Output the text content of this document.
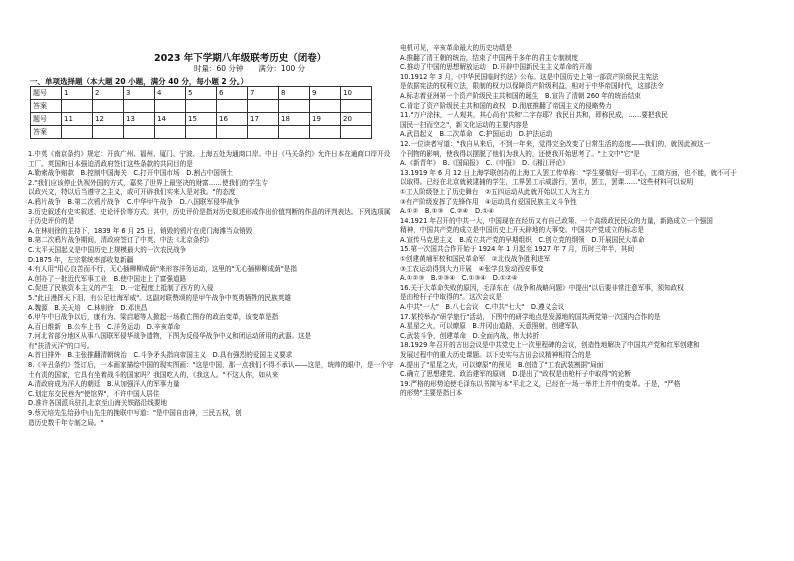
2023 年下学期八年级联考历史（闭卷）
时量：60 分钟　　满分：100 分
一、单项选择题（本大题 20 小题，满分 40 分，每小题 2 分。）
题号	1	2	3	4	5	6	7	8	9	10
答案										
题号	11	12	13	14	15	16	17	18	19	20
答案										
1.中英《南京条约》规定：开放广州、福州、厦门、宁波、上海五处为通商口岸。中日《马关条约》允许日本在通商口岸开设工厂。英国和日本强迫清政府签订这些条款的共同目的是
A.勒索战争赔款　B.控制中国海关　C.打开中国市场　D.割占中国领土
2."我们应该停止仇视外国的方式，嘉奖了世界上最坚决的财富……使我们的学生专
以政兴文，特以后当遵守之主义，或可开辟我们实来人是对我。"的态度
A.鸦片战争　B.第二次鸦片战争　C.中华甲午战争　D.八国联军侵华战争
3.历史叙述有史实叙述、史论评价等方式。其中，历史评价是指对历史叙述形成作出价值判断的作品的评判表达。下列选项属于历史评价的是
A.在林则徐的主持下，1839 年 6 月 25 日，销毁的鸦片在虎门海滩当众销毁
B.第二次鸦片战争期间，清政府签订了中英、中法《北京条约》
C.太平天国起义是中国历史上规模最大的一次农民战争
D.1875 年，左宗棠统率部收复新疆
4.有人用"用心良苦而不行，无心插柳柳成荫"来形容洋务运动，这里的"无心插柳柳成荫"是指
A.创办了一批近代军事工业　B.使中国走上了富强道路
C.促进了民族资本主义的产生　D.一定程度上抵制了西方的入侵
5."此日漫挥天下泪，有公足壮海军威"。这副对联赞颂的是甲午战争中英勇牺牲的民族英雄
A.魏源　B.关天培　C.林则徐　D.邓世昌
6.甲午中日战争以后，康有为、梁启超等人掀起一场救亡图存的政治变革，该变革是指
A.百日维新　B.公车上书　C.洋务运动　D.辛亥革命
7.河北省部分地区从事八国联军侵华战争遗物，下图为反侵华战争中义和团运动所用的武器。这是
有"扶清灭洋"的口号。
A.首目排外　B.主张推翻清朝统治　C.斗争矛头指向帝国主义　D.具有强烈的爱国主义要求
8.《辛丑条约》签订后，一本画家描绘中国的现实图画："这是中国，那一点我们不得不承认——这是，统帅的眼中，是一个守土有责的国家，它具有坐着战斗的国家吗？我国吃人的，《我这人。"不这人你，如从来
A.清政府成为洋人的朝廷　B.从加强洋人的军事力量
C.划定东交民巷为"使馆界"，不许中国人居住
D.准许各国派兵驻扎北京至山海关铁路沿线要地
9.蔡元培先生给孙中山先生的挽联中写道："是中国自由神，三民五权，创
造历史数千年专制之局。"
电机可见，辛亥革命最大的历史功绩是
A.推翻了清王朝的统治，结束了中国两千多年的君主专制制度
C.推动了中国的思想解放运动　D.开辟中国新民主主义革命的开端
10.1912 年 3 月，《中华民国临时约法》公布。这是中国历史上第一部资产阶级民主宪法
是依据宪法的权利立法，限制的权力以保障资产阶级利益，相对于中华帝国时代，这部法令
A.标志着亚洲第一个资产阶级民主共和国的诞生　B.宣告了清朝 260 年的统治结束
C.肯定了资产阶级民主共和国的政权　D.彻底推翻了帝国主义的侵略势力
11."万户涂抹，一人观其，其心尚有'共和'二字存耶？我民日共和，即称民成，……要把我民
国民一扫而空之"，新文化运动的主要内容是
A.武昌起义　B.二次革命　C.护国运动　D.护法运动
12.一位读者写道："我自从来后，不到一年来，觉得完全改变了日常生活的态度——我们的，就因此被这一
个刊物的影响，使我得以摆脱了他们为我人的，还使我开始思考了。"上文中"它"是
A.《新青年》　B.《国闻报》　C.《申报》　D.《湘江评论》
13.1919 年 6 月 12 日上海学联创办的上海工人罢工传单称："学生要做好一切平心，工商方面，也不能，就不可于
以取得。已经在北京就被逮捕的学生，工界罢工示威游行，罢市，罢工，罢课……"这些材料可以说明
①工人阶级登上了历史舞台　②五四运动从此就开始以工人为主力
③有产阶级发挥了先锋作用　④运动具有爱国民族主义斗争性
A.①②　B.①③　C.②④　D.①④
14.1921 年召开的中共一大，中国现在在经历又有自己政策、一个高级政民民众的力量，新路成立一个强国
精神，中国共产党的成立是中国历史上开天辟地的大事变。中国共产党成立的标志是
A.宣传马克思主义　B.成立共产党的早期组织　C.创立党的纲领　D.开展国民大革命
15.第一次国共合作开始于 1924 年 1 月起至 1927 年 7 月，历时三年半，其间
①创建黄埔军校和国民革命军　②北伐战争胜利进军
③工农运动得到大力开展　④张学良发动西安事变
A.①②③　B.②③④　C.①③④　D.①②④
16.关于大革命失败的原因，毛泽东在《战争和战略问题》中提出"以后要非常注意军事，须知政权
是由枪杆子中取得的"。这次会议是
A.中共"一大"　B.八七会议　C.中共"七大"　D.遵义会议
17.某校举办"研学旅行"活动，下图中的研学地点是发源地的国共两党第一次国内合作的是
A.星星之火，可以燎原　B.井冈山道路，天意照射，创建军队
C.武装斗争，创建革命　D.全面内战，伟大转折
18.1929 年召开的古田会议是中共党史上一次里程碑的会议，创造性地解决了中国共产党和红军创建和
发展过程中的重大历史课题。以下史实与古田会议精神相符合的是
A.提出了"星星之火，可以燎原"的预见　B.创造了"工农武装割据"局面
C.确立了思想建党、政治建军的原则　D.提出了"政权是由枪杆子中取得"的论断
19.严格的形势迫使毛泽东以书简写本"平北之义，已经在一场一举并上并中的变革。于是，"严格
的形势"主要是指日本
